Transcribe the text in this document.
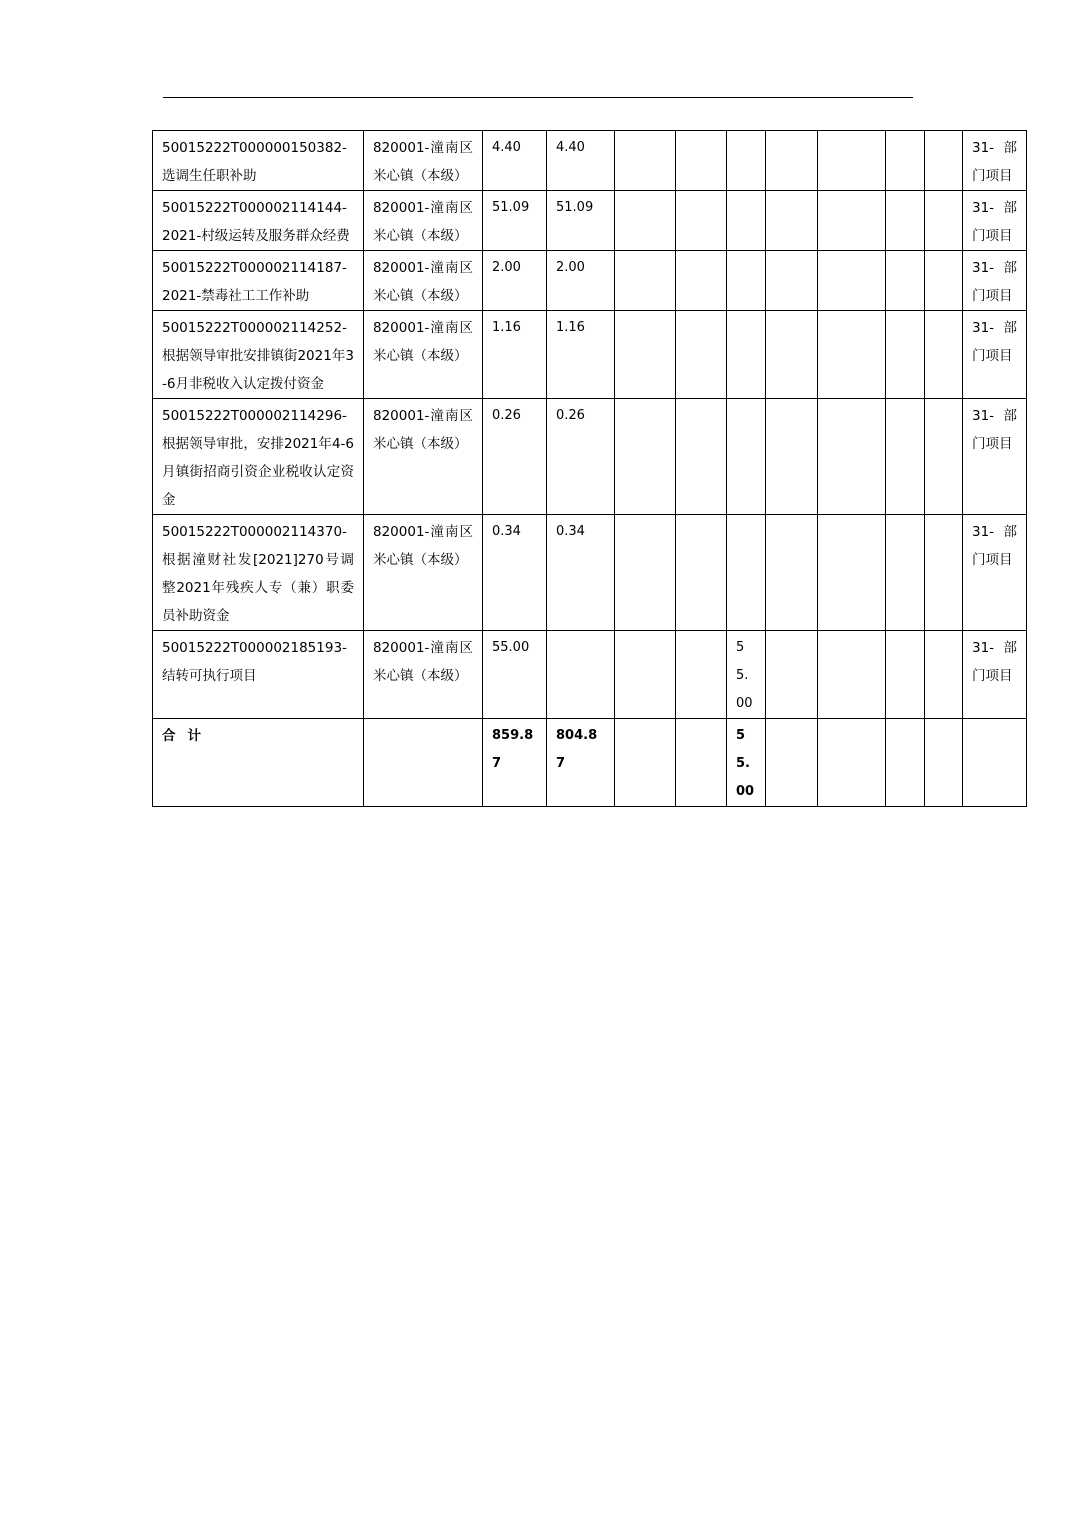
50015222T000000150382-选调生任职补助	820001-潼南区米心镇（本级）	4.40	4.40								31-部门项目
50015222T000002114144-2021-村级运转及服务群众经费	820001-潼南区米心镇（本级）	51.09	51.09								31-部门项目
50015222T000002114187-2021-禁毒社工工作补助	820001-潼南区米心镇（本级）	2.00	2.00								31-部门项目
50015222T000002114252-根据领导审批安排镇街2021年3-6月非税收入认定拨付资金	820001-潼南区米心镇（本级）	1.16	1.16								31-部门项目
50015222T000002114296-根据领导审批，安排2021年4-6月镇街招商引资企业税收认定资金	820001-潼南区米心镇（本级）	0.26	0.26								31-部门项目
50015222T000002114370-根据潼财社发[2021]270号调整2021年残疾人专（兼）职委员补助资金	820001-潼南区米心镇（本级）	0.34	0.34								31-部门项目
50015222T000002185193-结转可执行项目	820001-潼南区米心镇（本级）	55.00				55.00					31-部门项目
合计		859.87	804.87			55.00					
